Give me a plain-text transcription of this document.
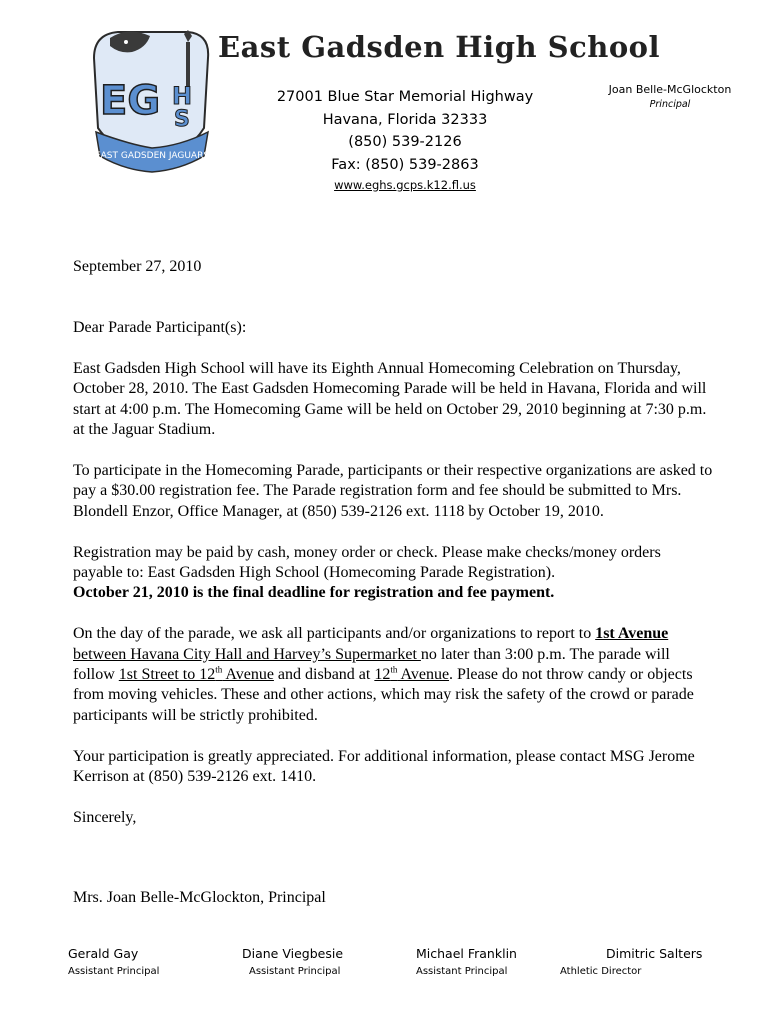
EG H
S
EAST GADSDEN JAGUARS
East Gadsden High School
27001 Blue Star Memorial Highway
Havana, Florida 32333
(850) 539-2126
Fax: (850) 539-2863
www.eghs.gcps.k12.fl.us
Joan Belle-McGlockton
Principal

September 27, 2010

Dear Parade Participant(s):

East Gadsden High School will have its Eighth Annual Homecoming Celebration on Thursday, October 28, 2010. The East Gadsden Homecoming Parade will be held in Havana, Florida and will start at 4:00 p.m. The Homecoming Game will be held on October 29, 2010 beginning at 7:30 p.m. at the Jaguar Stadium.

To participate in the Homecoming Parade, participants or their respective organizations are asked to pay a $30.00 registration fee. The Parade registration form and fee should be submitted to Mrs. Blondell Enzor, Office Manager, at (850) 539-2126 ext. 1118 by October 19, 2010.

Registration may be paid by cash, money order or check. Please make checks/money orders payable to: East Gadsden High School (Homecoming Parade Registration).
October 21, 2010 is the final deadline for registration and fee payment.

On the day of the parade, we ask all participants and/or organizations to report to 1st Avenue between Havana City Hall and Harvey’s Supermarket no later than 3:00 p.m. The parade will follow 1st Street to 12th Avenue and disband at 12th Avenue. Please do not throw candy or objects from moving vehicles. These and other actions, which may risk the safety of the crowd or parade participants will be strictly prohibited.

Your participation is greatly appreciated. For additional information, please contact MSG Jerome Kerrison at (850) 539-2126 ext. 1410.

Sincerely,

Mrs. Joan Belle-McGlockton, Principal
Gerald Gay
Assistant Principal
Diane Viegbesie
Assistant Principal
Michael Franklin
Assistant Principal
Dimitric Salters
Athletic Director
